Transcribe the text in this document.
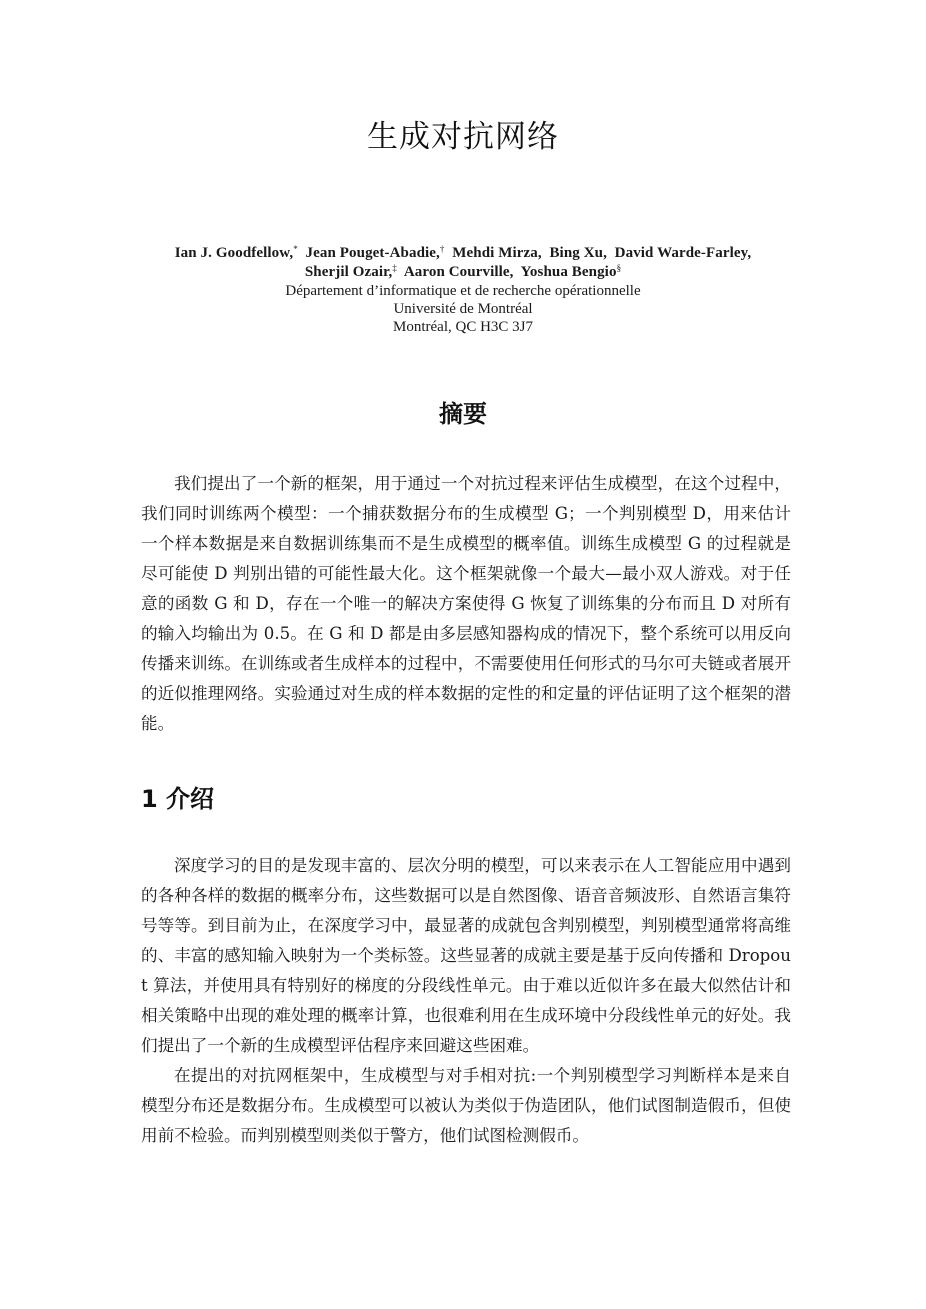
生成对抗网络
Ian J. Goodfellow,* Jean Pouget-Abadie,† Mehdi Mirza, Bing Xu, David Warde-Farley,
Sherjil Ozair,‡ Aaron Courville, Yoshua Bengio§
Département d’informatique et de recherche opérationnelle
Université de Montréal
Montréal, QC H3C 3J7
摘要

我们提出了一个新的框架，用于通过一个对抗过程来评估生成模型，在这个过程中，我们同时训练两个模型：一个捕获数据分布的生成模型 G；一个判别模型 D，用来估计一个样本数据是来自数据训练集而不是生成模型的概率值。训练生成模型 G 的过程就是尽可能使 D 判别出错的可能性最大化。这个框架就像一个最大—最小双人游戏。对于任意的函数 G 和 D，存在一个唯一的解决方案使得 G 恢复了训练集的分布而且 D 对所有的输入均输出为 0.5。在 G 和 D 都是由多层感知器构成的情况下，整个系统可以用反向传播来训练。在训练或者生成样本的过程中，不需要使用任何形式的马尔可夫链或者展开的近似推理网络。实验通过对生成的样本数据的定性的和定量的评估证明了这个框架的潜能。

1 介绍

深度学习的目的是发现丰富的、层次分明的模型，可以来表示在人工智能应用中遇到的各种各样的数据的概率分布，这些数据可以是自然图像、语音音频波形、自然语言集符号等等。到目前为止，在深度学习中，最显著的成就包含判别模型，判别模型通常将高维的、丰富的感知输入映射为一个类标签。这些显著的成就主要是基于反向传播和 Dropout 算法，并使用具有特别好的梯度的分段线性单元。由于难以近似许多在最大似然估计和相关策略中出现的难处理的概率计算，也很难利用在生成环境中分段线性单元的好处。我们提出了一个新的生成模型评估程序来回避这些困难。

在提出的对抗网框架中，生成模型与对手相对抗:一个判别模型学习判断样本是来自模型分布还是数据分布。生成模型可以被认为类似于伪造团队，他们试图制造假币，但使用前不检验。而判别模型则类似于警方，他们试图检测假币。
